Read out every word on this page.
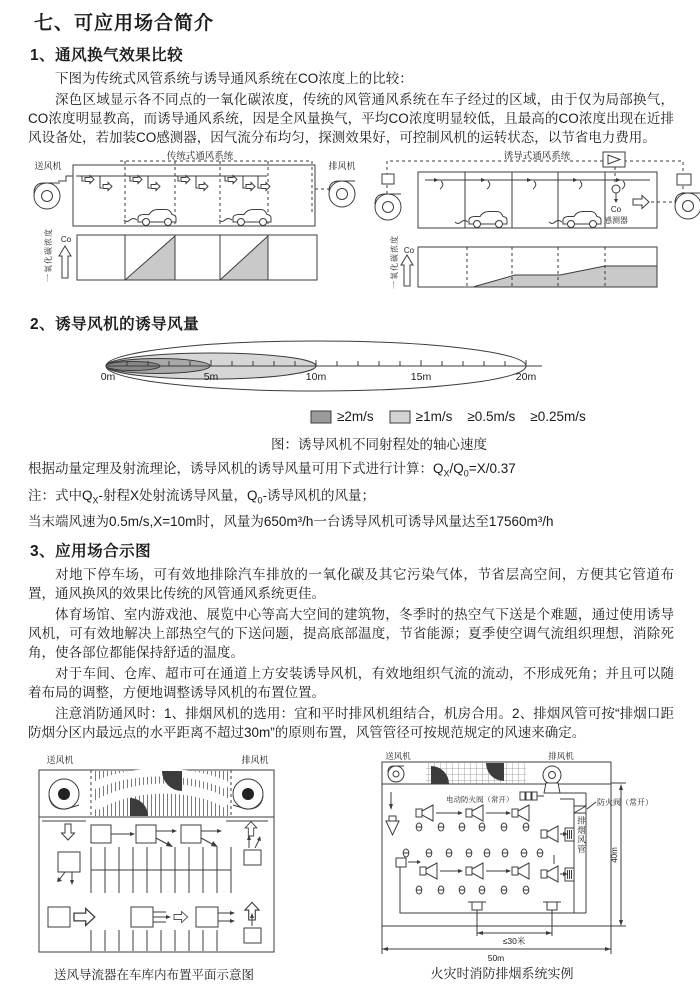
七、可应用场合简介
1、通风换气效果比较

下图为传统式风管系统与诱导通风系统在CO浓度上的比较：

深色区域显示各不同点的一氧化碳浓度，传统的风管通风系统在车子经过的区域，由于仅为局部换气，CO浓度明显教高，而诱导通风系统，因是全风量换气，平均CO浓度明显较低，且最高的CO浓度出现在近排风设备处，若加装CO感测器，因气流分布均匀，探测效果好，可控制风机的运转状态，以节省电力费用。

传统式通风系统
送风机	排风机
一氧化碳浓度 Co
诱导式通风系统
Co
感测器
一氧化碳浓度 Co
2、诱导风机的诱导风量
0m	5m	10m	15m	20m
≥2m/s	≥1m/s ≥0.5m/s ≥0.25m/s
图：诱导风机不同射程处的轴心速度

根据动量定理及射流理论，诱导风机的诱导风量可用下式进行计算：$Q_X/Q_0=X/0.37$

注：式中$Q_X-$射程X处射流诱导风量，$Q_0-$诱导风机的风量；

当末端风速为0.5m/s,X=10m时，风量为650m³/h一台诱导风机可诱导风量达至17560m³/h

3、应用场合示图

对地下停车场，可有效地排除汽车排放的一氧化碳及其它污染气体，节省层高空间，方便其它管道布置，通风换风的效果比传统的风管通风系统更佳。

体育场馆、室内游戏池、展览中心等高大空间的建筑物，冬季时的热空气下送是个难题，通过使用诱导风机，可有效地解决上部热空气的下送问题，提高底部温度，节省能源；夏季使空调气流组织理想，消除死角，使各部位都能保持舒适的温度。

对于车间、仓库、超市可在通道上方安装诱导风机，有效地组织气流的流动，不形成死角；并且可以随着布局的调整，方便地调整诱导风机的布置位置。

注意消防通风时：1、排烟风机的选用：宜和平时排风机组结合，机房合用。2、排烟风管可按“排烟口距防烟分区内最远点的水平距离不超过30m”的原则布置，风管管径可按规范规定的风速来确定。

送风机	排风机
送风导流器在车库内布置平面示意图
送风机	排风机
防火阀（常开）
电动防火阀（常开）
≤30米
40m
50m
火灾时消防排烟系统实例
排烟风管
